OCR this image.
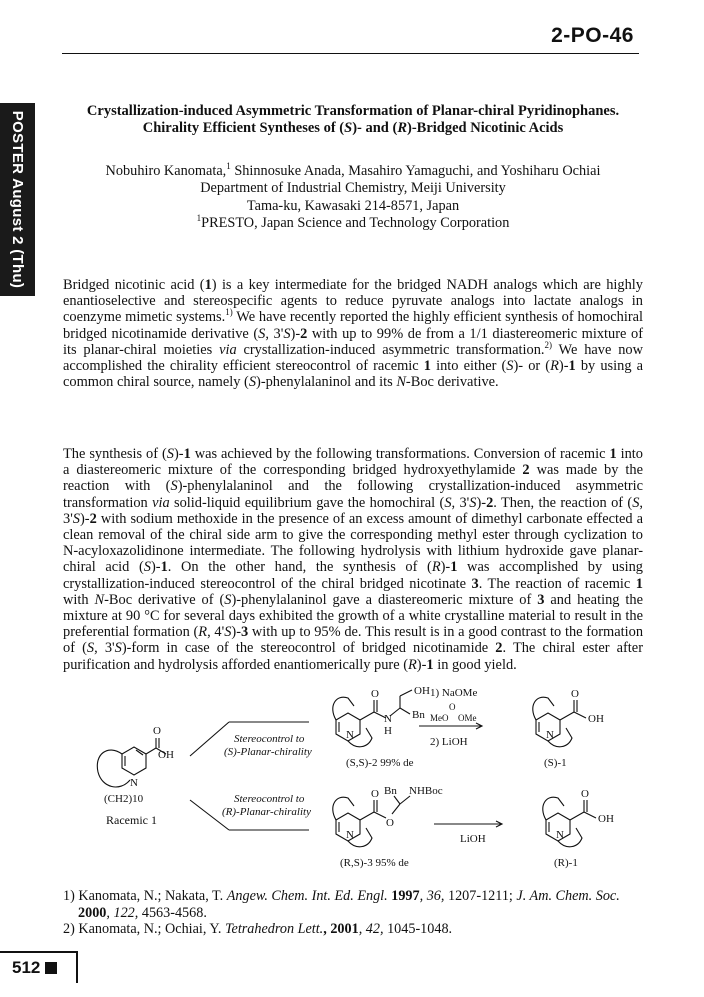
2-PO-46
POSTER August 2 (Thu)	Crystallization-induced Asymmetric Transformation of Planar-chiral Pyridinophanes.
Chirality Efficient Syntheses of (S)- and (R)-Bridged Nicotinic Acids
Nobuhiro Kanomata,$^1$ Shinnosuke Anada, Masahiro Yamaguchi, and Yoshiharu Ochiai
Department of Industrial Chemistry, Meiji University
Tama-ku, Kawasaki 214-8571, Japan
$^1$PRESTO, Japan Science and Technology Corporation
Bridged nicotinic acid (1) is a key intermediate for the bridged NADH analogs which are highly enantioselective and stereospecific agents to reduce pyruvate analogs into lactate analogs in coenzyme mimetic systems.$^{1)}$ We have recently reported the highly efficient synthesis of homochiral bridged nicotinamide derivative (S, 3'S)-2 with up to 99% de from a 1/1 diastereomeric mixture of its planar-chiral moieties via crystallization-induced asymmetric transformation.$^{2)}$ We have now accomplished the chirality efficient stereocontrol of racemic 1 into either (S)- or (R)-1 by using a common chiral source, namely (S)-phenylalaninol and its N-Boc derivative.
The synthesis of (S)-1 was achieved by the following transformations. Conversion of racemic 1 into a diastereomeric mixture of the corresponding bridged hydroxyethylamide 2 was made by the reaction with (S)-phenylalaninol and the following crystallization-induced asymmetric transformation via solid-liquid equilibrium gave the homochiral (S, 3'S)-2. Then, the reaction of (S, 3'S)-2 with sodium methoxide in the presence of an excess amount of dimethyl carbonate effected a clean removal of the chiral side arm to give the corresponding methyl ester through cyclization to N-acyloxazolidinone intermediate. The following hydrolysis with lithium hydroxide gave planar-chiral acid (S)-1. On the other hand, the synthesis of (R)-1 was accomplished by using crystallization-induced stereocontrol of the chiral bridged nicotinate 3. The reaction of racemic 1 with N-Boc derivative of (S)-phenylalaninol gave a diastereomeric mixture of 3 and heating the mixture at 90 °C for several days exhibited the growth of a white crystalline material to result in the preferential formation (R, 4'S)-3 with up to 95% de. This result is in a good contrast to the formation of (S, 3'S)-form in case of the stereocontrol of bridged nicotinamide 2. The chiral ester after purification and hydrolysis afforded enantiomerically pure (R)-1 in good yield.
OH
O
N
(CH2)10
Racemic 1
Stereocontrol to
(S)-Planar-chirality
Stereocontrol to
(R)-Planar-chirality
O	OH
N
H
Bn
N
(S,S)-2 99% de
1) NaOMe
O
MeO OMe
2) LiOH
O
OH
N
(S)-1
Bn NHBoc
O
O
N
(R,S)-3 95% de
LiOH
O
OH
N
(R)-1
1) Kanomata, N.; Nakata, T. Angew. Chem. Int. Ed. Engl. 1997, 36, 1207-1211; J. Am. Chem. Soc. 2000, 122, 4563-4568.
2) Kanomata, N.; Ochiai, Y. Tetrahedron Lett., 2001, 42, 1045-1048.
512
